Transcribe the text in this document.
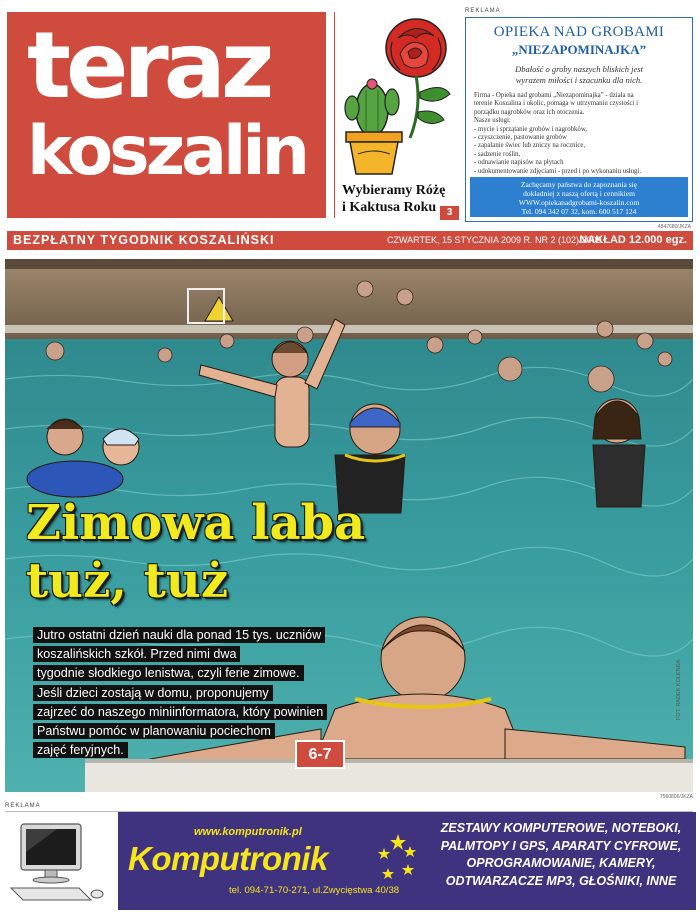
teraz
koszalin	Wybieramy Różę
i Kaktusa Roku	3
REKLAMA
OPIEKA NAD GROBAMI
„NIEZAPOMINAJKA”
Dbałość o groby naszych bliskich jest
wyrazem miłości i szacunku dla nich.
Firma - Opieka nad grobami „Niezapominajka” - działa na
terenie Koszalina i okolic, pomaga w utrzymaniu czystości i
porządku nagrobków oraz ich otoczenia.
Nasze usługi:
- mycie i sprzątanie grobów i nagrobków,
- czyszczenie, pastowanie grobów
- zapalanie świec lub zniczy na rocznice,
- sadzenie roślin,
- odnawianie napisów na płytach
- udokumentowanie zdjęciami - przed i po wykonaniu usługi.
Zachęcamy państwa do zapoznania się
dokładniej z naszą ofertą i cennikiem
WWW.opiekanadgrobami-koszalin.com
Tel. 094 342 07 32, kom. 600 517 124
4847680/JKZA
BEZPŁATNY TYGODNIK KOSZALIŃSKI	CZWARTEK, 15 STYCZNIA 2009 R. NR 2 (102)/2009
NAKŁAD 12.000 egz.
Zimowa laba
tuż, tuż
Jutro ostatni dzień nauki dla ponad 15 tys. uczniów
koszalińskich szkół. Przed nimi dwa
tygodnie słodkiego lenistwa, czyli ferie zimowe.
Jeśli dzieci zostają w domu, proponujemy
zajrzeć do naszego miniinformatora, który powinien
Państwu pomóc w planowaniu pociechom
zajęć feryjnych.	6-7
FOT. RADEK KOLENDA
7560806/JKZA
REKLAMA
www.komputronik.pl
Komputronik
tel. 094-71-70-271, ul.Zwycięstwa 40/38
ZESTAWY KOMPUTEROWE, NOTEBOKI,
PALMTOPY I GPS, APARATY CYFROWE,
OPROGRAMOWANIE, KAMERY,
ODTWARZACZE MP3, GŁOŚNIKI, INNE
